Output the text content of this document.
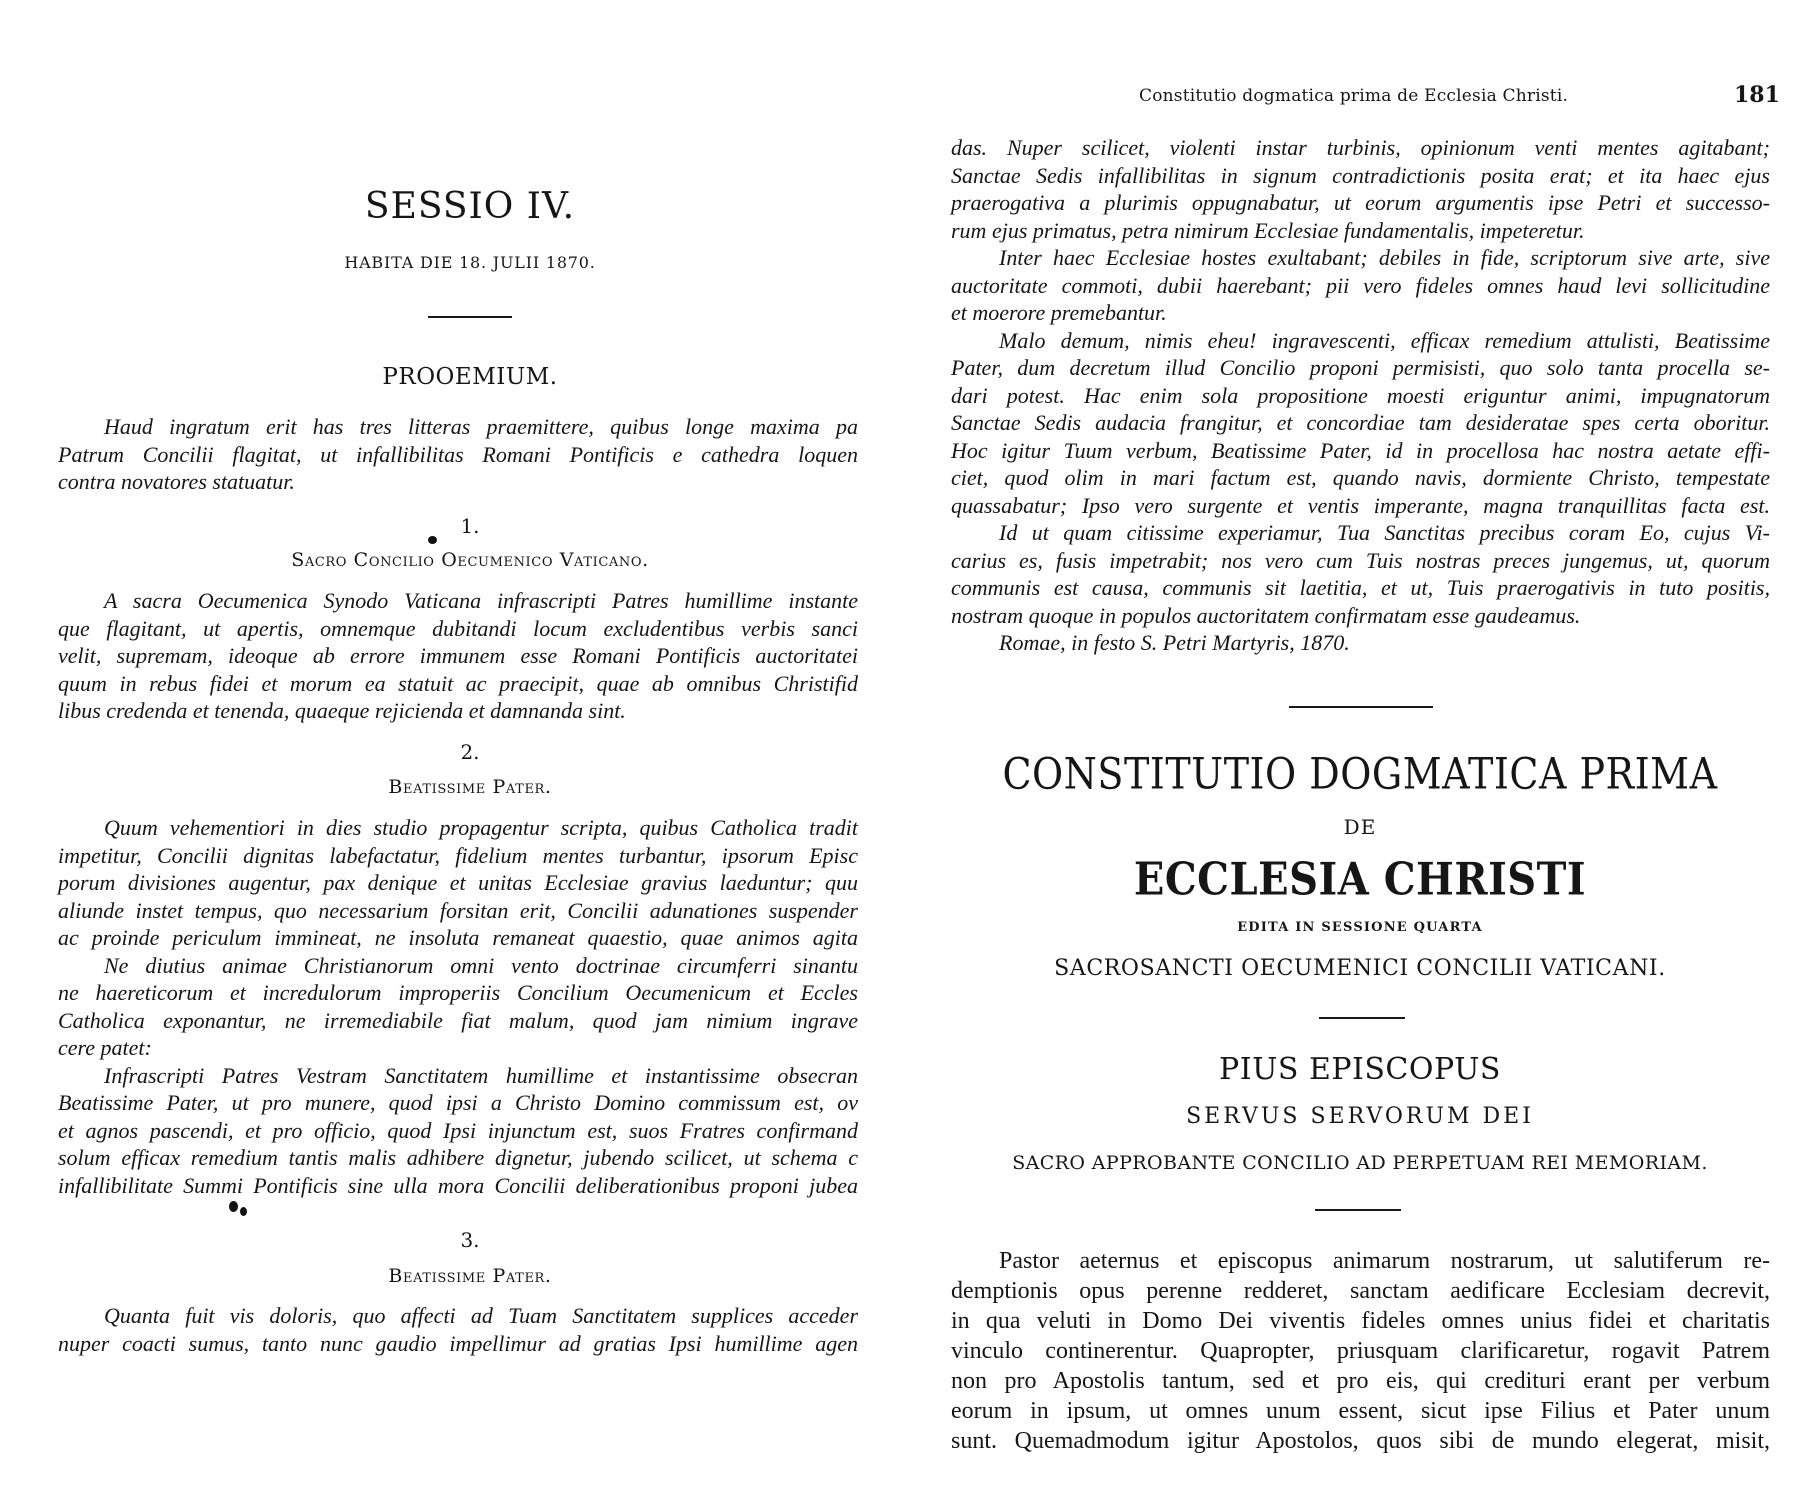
SESSIO IV.
HABITA DIE 18. JULII 1870.
PROOEMIUM.
Haud ingratum erit has tres litteras praemittere, quibus longe maxima pa
Patrum Concilii flagitat, ut infallibilitas Romani Pontificis e cathedra loquen
contra novatores statuatur.
1.
Sacro Concilio Oecumenico Vaticano.
A sacra Oecumenica Synodo Vaticana infrascripti Patres humillime instante
que flagitant, ut apertis, omnemque dubitandi locum excludentibus verbis sanci
velit, supremam, ideoque ab errore immunem esse Romani Pontificis auctoritatei
quum in rebus fidei et morum ea statuit ac praecipit, quae ab omnibus Christifid
libus credenda et tenenda, quaeque rejicienda et damnanda sint.
2.
Beatissime Pater.
Quum vehementiori in dies studio propagentur scripta, quibus Catholica tradit
impetitur, Concilii dignitas labefactatur, fidelium mentes turbantur, ipsorum Episc
porum divisiones augentur, pax denique et unitas Ecclesiae gravius laeduntur; quu
aliunde instet tempus, quo necessarium forsitan erit, Concilii adunationes suspender
ac proinde periculum immineat, ne insoluta remaneat quaestio, quae animos agita
Ne diutius animae Christianorum omni vento doctrinae circumferri sinantu
ne haereticorum et incredulorum improperiis Concilium Oecumenicum et Eccles
Catholica exponantur, ne irremediabile fiat malum, quod jam nimium ingrave
cere patet:
Infrascripti Patres Vestram Sanctitatem humillime et instantissime obsecran
Beatissime Pater, ut pro munere, quod ipsi a Christo Domino commissum est, ov
et agnos pascendi, et pro officio, quod Ipsi injunctum est, suos Fratres confirmand
solum efficax remedium tantis malis adhibere dignetur, jubendo scilicet, ut schema c
infallibilitate Summi Pontificis sine ulla mora Concilii deliberationibus proponi jubea
3.
Beatissime Pater.
Quanta fuit vis doloris, quo affecti ad Tuam Sanctitatem supplices acceder
nuper coacti sumus, tanto nunc gaudio impellimur ad gratias Ipsi humillime agen
Constitutio dogmatica prima de Ecclesia Christi.	181
das. Nuper scilicet, violenti instar turbinis, opinionum venti mentes agitabant;
Sanctae Sedis infallibilitas in signum contradictionis posita erat; et ita haec ejus
praerogativa a plurimis oppugnabatur, ut eorum argumentis ipse Petri et successo-
rum ejus primatus, petra nimirum Ecclesiae fundamentalis, impeteretur.
Inter haec Ecclesiae hostes exultabant; debiles in fide, scriptorum sive arte, sive
auctoritate commoti, dubii haerebant; pii vero fideles omnes haud levi sollicitudine
et moerore premebantur.
Malo demum, nimis eheu! ingravescenti, efficax remedium attulisti, Beatissime
Pater, dum decretum illud Concilio proponi permisisti, quo solo tanta procella se-
dari potest. Hac enim sola propositione moesti eriguntur animi, impugnatorum
Sanctae Sedis audacia frangitur, et concordiae tam desideratae spes certa oboritur.
Hoc igitur Tuum verbum, Beatissime Pater, id in procellosa hac nostra aetate effi-
ciet, quod olim in mari factum est, quando navis, dormiente Christo, tempestate
quassabatur; Ipso vero surgente et ventis imperante, magna tranquillitas facta est.
Id ut quam citissime experiamur, Tua Sanctitas precibus coram Eo, cujus Vi-
carius es, fusis impetrabit; nos vero cum Tuis nostras preces jungemus, ut, quorum
communis est causa, communis sit laetitia, et ut, Tuis praerogativis in tuto positis,
nostram quoque in populos auctoritatem confirmatam esse gaudeamus.
Romae, in festo S. Petri Martyris, 1870.
CONSTITUTIO DOGMATICA PRIMA
DE
ECCLESIA CHRISTI
EDITA IN SESSIONE QUARTA
SACROSANCTI OECUMENICI CONCILII VATICANI.
PIUS EPISCOPUS
SERVUS SERVORUM DEI
SACRO APPROBANTE CONCILIO AD PERPETUAM REI MEMORIAM.
Pastor aeternus et episcopus animarum nostrarum, ut salutiferum re-
demptionis opus perenne redderet, sanctam aedificare Ecclesiam decrevit,
in qua veluti in Domo Dei viventis fideles omnes unius fidei et charitatis
vinculo continerentur. Quapropter, priusquam clarificaretur, rogavit Patrem
non pro Apostolis tantum, sed et pro eis, qui credituri erant per verbum
eorum in ipsum, ut omnes unum essent, sicut ipse Filius et Pater unum
sunt. Quemadmodum igitur Apostolos, quos sibi de mundo elegerat, misit,
